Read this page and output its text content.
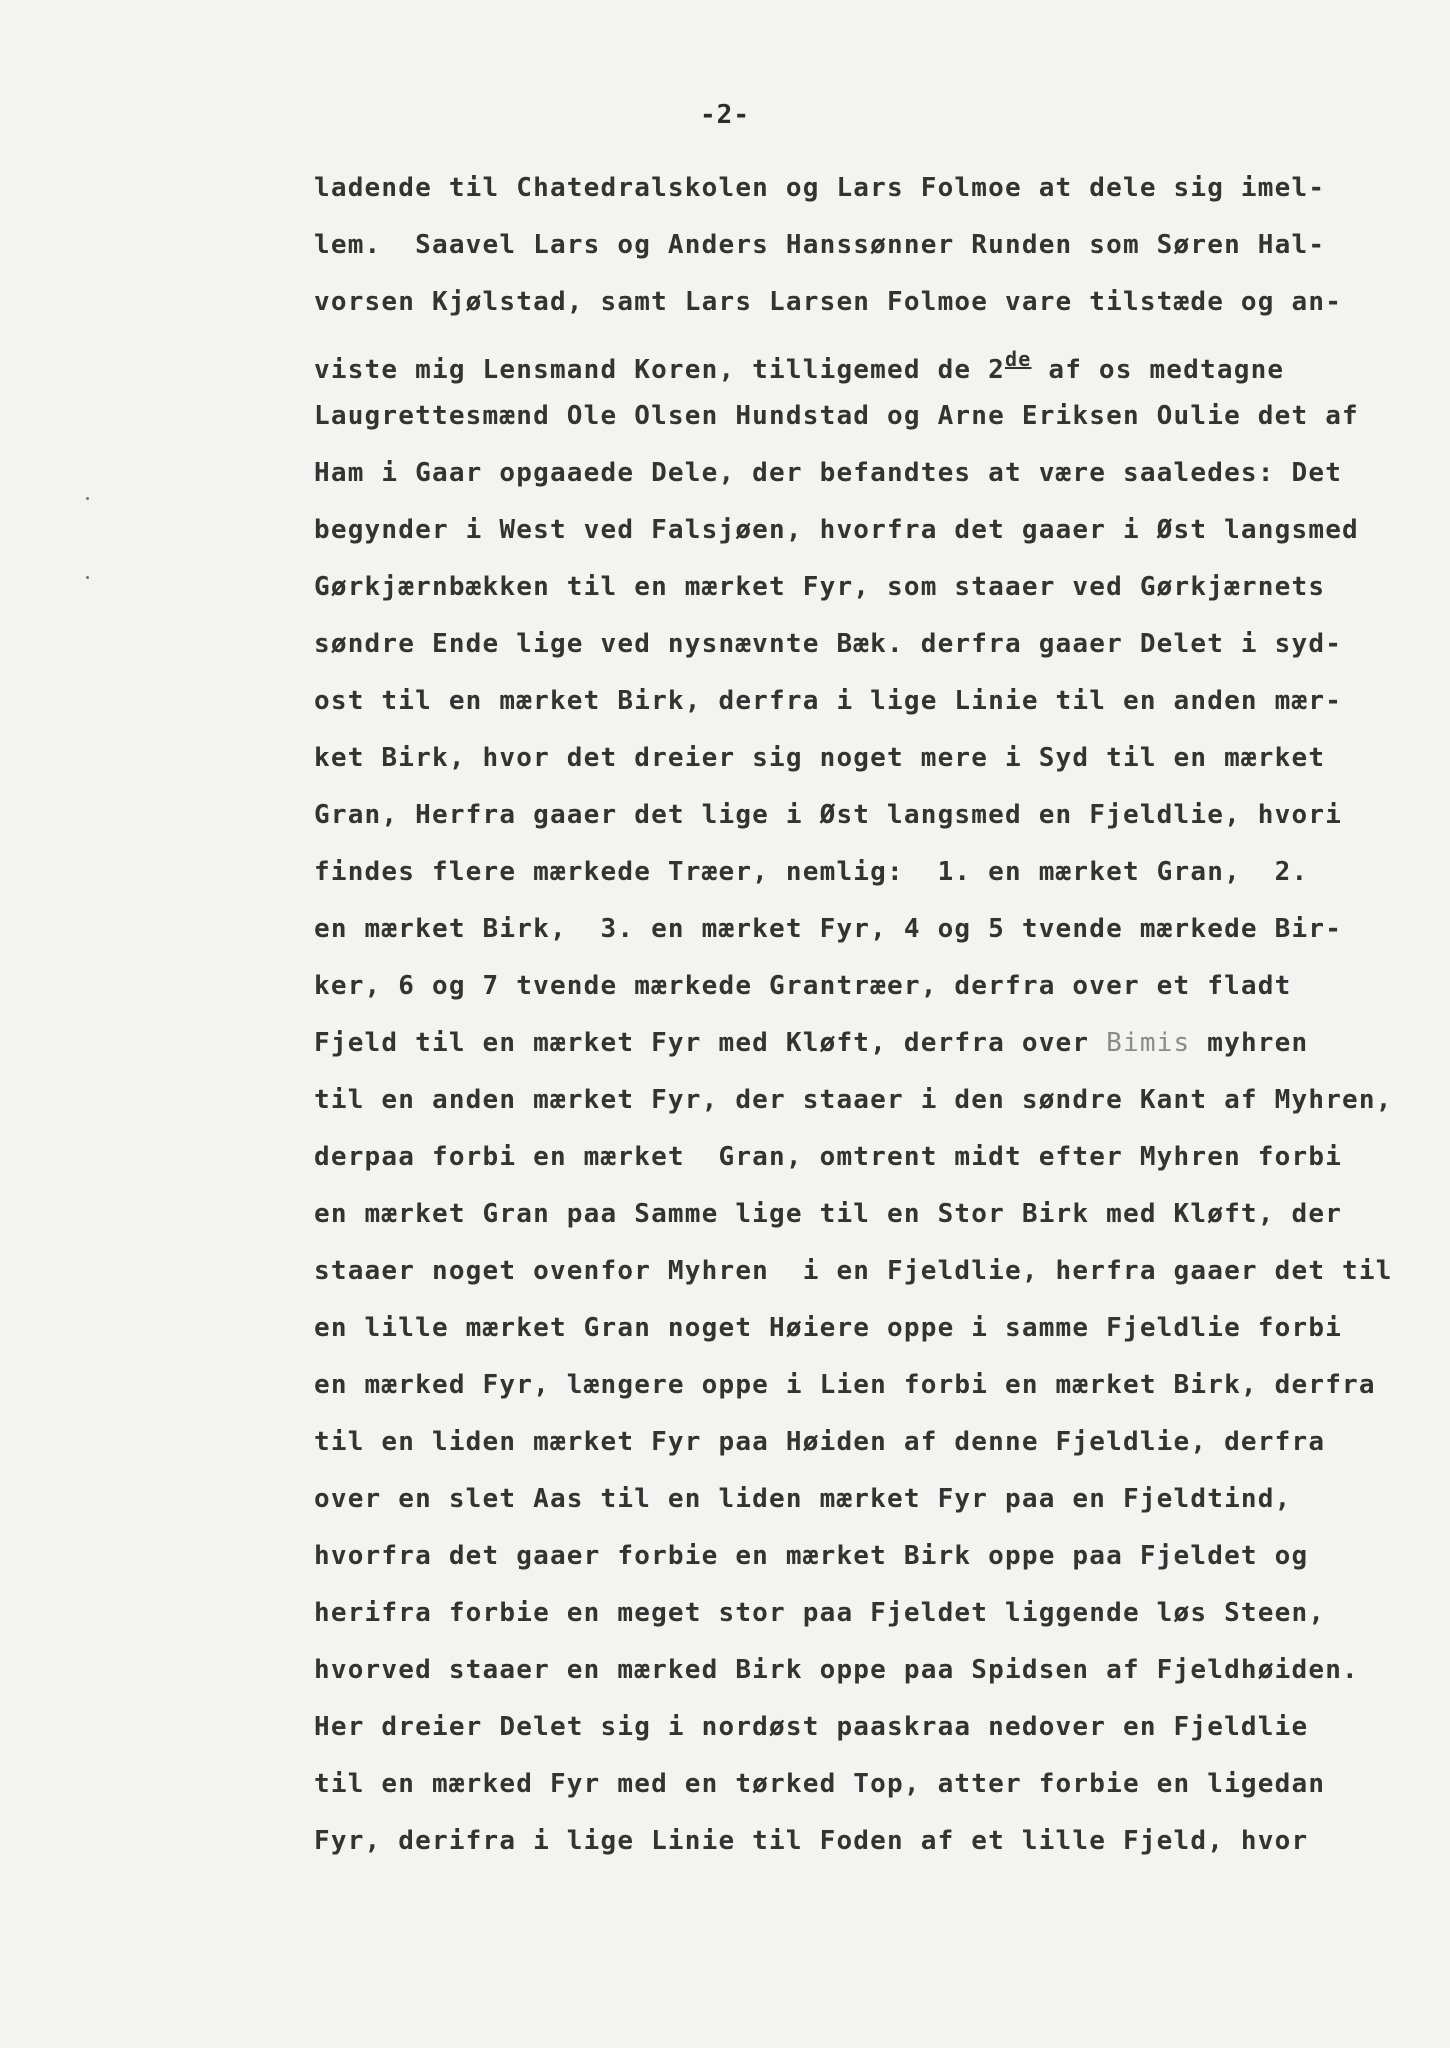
-2-
ladende til Chatedralskolen og Lars Folmoe at dele sig imel-
lem.  Saavel Lars og Anders Hanssønner Runden som Søren Hal-
vorsen Kjølstad, samt Lars Larsen Folmoe vare tilstæde og an-
viste mig Lensmand Koren, tilligemed de 2de af os medtagne
Laugrettesmænd Ole Olsen Hundstad og Arne Eriksen Oulie det af
Ham i Gaar opgaaede Dele, der befandtes at være saaledes: Det
begynder i West ved Falsjøen, hvorfra det gaaer i Øst langsmed
Gørkjærnbækken til en mærket Fyr, som staaer ved Gørkjærnets
søndre Ende lige ved nysnævnte Bæk. derfra gaaer Delet i syd-
ost til en mærket Birk, derfra i lige Linie til en anden mær-
ket Birk, hvor det dreier sig noget mere i Syd til en mærket
Gran, Herfra gaaer det lige i Øst langsmed en Fjeldlie, hvori
findes flere mærkede Træer, nemlig:  1. en mærket Gran,  2.
en mærket Birk,  3. en mærket Fyr, 4 og 5 tvende mærkede Bir-
ker, 6 og 7 tvende mærkede Grantræer, derfra over et fladt
Fjeld til en mærket Fyr med Kløft, derfra over Bimis myhren
til en anden mærket Fyr, der staaer i den søndre Kant af Myhren,
derpaa forbi en mærket  Gran, omtrent midt efter Myhren forbi
en mærket Gran paa Samme lige til en Stor Birk med Kløft, der
staaer noget ovenfor Myhren  i en Fjeldlie, herfra gaaer det til
en lille mærket Gran noget Høiere oppe i samme Fjeldlie forbi
en mærked Fyr, længere oppe i Lien forbi en mærket Birk, derfra
til en liden mærket Fyr paa Høiden af denne Fjeldlie, derfra
over en slet Aas til en liden mærket Fyr paa en Fjeldtind,
hvorfra det gaaer forbie en mærket Birk oppe paa Fjeldet og
herifra forbie en meget stor paa Fjeldet liggende løs Steen,
hvorved staaer en mærked Birk oppe paa Spidsen af Fjeldhøiden.
Her dreier Delet sig i nordøst paaskraa nedover en Fjeldlie
til en mærked Fyr med en tørked Top, atter forbie en ligedan
Fyr, derifra i lige Linie til Foden af et lille Fjeld, hvor
